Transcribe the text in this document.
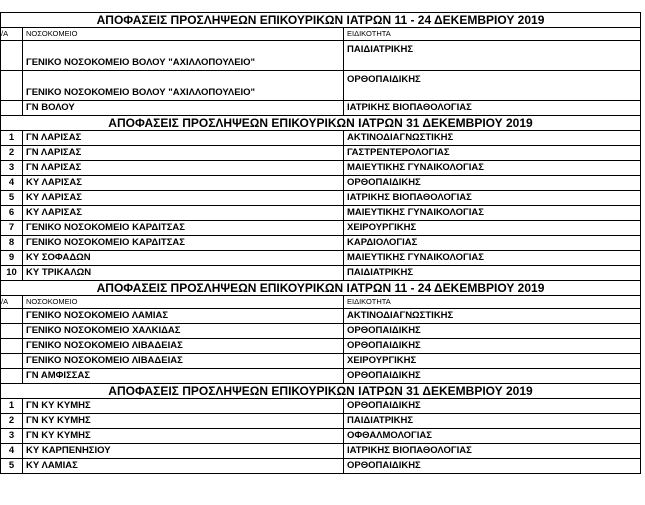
ΑΠΟΦΑΣΕΙΣ ΠΡΟΣΛΗΨΕΩΝ ΕΠΙΚΟΥΡΙΚΩΝ ΙΑΤΡΩΝ 11 - 24 ΔΕΚΕΜΒΡΙΟΥ 2019		
/Α	ΝΟΣΟΚΟΜΕΙΟ	ΕΙΔΙΚΟΤΗΤΑ
	ΓΕΝΙΚΟ ΝΟΣΟΚΟΜΕΙΟ ΒΟΛΟΥ "ΑΧΙΛΛΟΠΟΥΛΕΙΟ"	ΠΑΙΔΙΑΤΡΙΚΗΣ
	ΓΕΝΙΚΟ ΝΟΣΟΚΟΜΕΙΟ ΒΟΛΟΥ "ΑΧΙΛΛΟΠΟΥΛΕΙΟ"	ΟΡΘΟΠΑΙΔΙΚΗΣ
	ΓΝ ΒΟΛΟΥ	ΙΑΤΡΙΚΗΣ ΒΙΟΠΑΘΟΛΟΓΙΑΣ
ΑΠΟΦΑΣΕΙΣ ΠΡΟΣΛΗΨΕΩΝ ΕΠΙΚΟΥΡΙΚΩΝ ΙΑΤΡΩΝ 31 ΔΕΚΕΜΒΡΙΟΥ 2019		
1	ΓΝ ΛΑΡΙΣΑΣ	ΑΚΤΙΝΟΔΙΑΓΝΩΣΤΙΚΗΣ
2	ΓΝ ΛΑΡΙΣΑΣ	ΓΑΣΤΡΕΝΤΕΡΟΛΟΓΙΑΣ
3	ΓΝ ΛΑΡΙΣΑΣ	ΜΑΙΕΥΤΙΚΗΣ ΓΥΝΑΙΚΟΛΟΓΙΑΣ
4	ΚΥ ΛΑΡΙΣΑΣ	ΟΡΘΟΠΑΙΔΙΚΗΣ
5	ΚΥ ΛΑΡΙΣΑΣ	ΙΑΤΡΙΚΗΣ ΒΙΟΠΑΘΟΛΟΓΙΑΣ
6	ΚΥ ΛΑΡΙΣΑΣ	ΜΑΙΕΥΤΙΚΗΣ ΓΥΝΑΙΚΟΛΟΓΙΑΣ
7	ΓΕΝΙΚΟ ΝΟΣΟΚΟΜΕΙΟ ΚΑΡΔΙΤΣΑΣ	ΧΕΙΡΟΥΡΓΙΚΗΣ
8	ΓΕΝΙΚΟ ΝΟΣΟΚΟΜΕΙΟ ΚΑΡΔΙΤΣΑΣ	ΚΑΡΔΙΟΛΟΓΙΑΣ
9	ΚΥ ΣΟΦΑΔΩΝ	ΜΑΙΕΥΤΙΚΗΣ ΓΥΝΑΙΚΟΛΟΓΙΑΣ
10	ΚΥ ΤΡΙΚΑΛΩΝ	ΠΑΙΔΙΑΤΡΙΚΗΣ
ΑΠΟΦΑΣΕΙΣ ΠΡΟΣΛΗΨΕΩΝ ΕΠΙΚΟΥΡΙΚΩΝ ΙΑΤΡΩΝ 11 - 24 ΔΕΚΕΜΒΡΙΟΥ 2019		
/Α	ΝΟΣΟΚΟΜΕΙΟ	ΕΙΔΙΚΟΤΗΤΑ
	ΓΕΝΙΚΟ ΝΟΣΟΚΟΜΕΙΟ ΛΑΜΙΑΣ	ΑΚΤΙΝΟΔΙΑΓΝΩΣΤΙΚΗΣ
	ΓΕΝΙΚΟ ΝΟΣΟΚΟΜΕΙΟ ΧΑΛΚΙΔΑΣ	ΟΡΘΟΠΑΙΔΙΚΗΣ
	ΓΕΝΙΚΟ ΝΟΣΟΚΟΜΕΙΟ ΛΙΒΑΔΕΙΑΣ	ΟΡΘΟΠΑΙΔΙΚΗΣ
	ΓΕΝΙΚΟ ΝΟΣΟΚΟΜΕΙΟ ΛΙΒΑΔΕΙΑΣ	ΧΕΙΡΟΥΡΓΙΚΗΣ
	ΓΝ ΑΜΦΙΣΣΑΣ	ΟΡΘΟΠΑΙΔΙΚΗΣ
ΑΠΟΦΑΣΕΙΣ ΠΡΟΣΛΗΨΕΩΝ ΕΠΙΚΟΥΡΙΚΩΝ ΙΑΤΡΩΝ 31 ΔΕΚΕΜΒΡΙΟΥ 2019		
1	ΓΝ ΚΥ ΚΥΜΗΣ	ΟΡΘΟΠΑΙΔΙΚΗΣ
2	ΓΝ ΚΥ ΚΥΜΗΣ	ΠΑΙΔΙΑΤΡΙΚΗΣ
3	ΓΝ ΚΥ ΚΥΜΗΣ	ΟΦΘΑΛΜΟΛΟΓΙΑΣ
4	ΚΥ ΚΑΡΠΕΝΗΣΙΟΥ	ΙΑΤΡΙΚΗΣ ΒΙΟΠΑΘΟΛΟΓΙΑΣ
5	ΚΥ ΛΑΜΙΑΣ	ΟΡΘΟΠΑΙΔΙΚΗΣ
